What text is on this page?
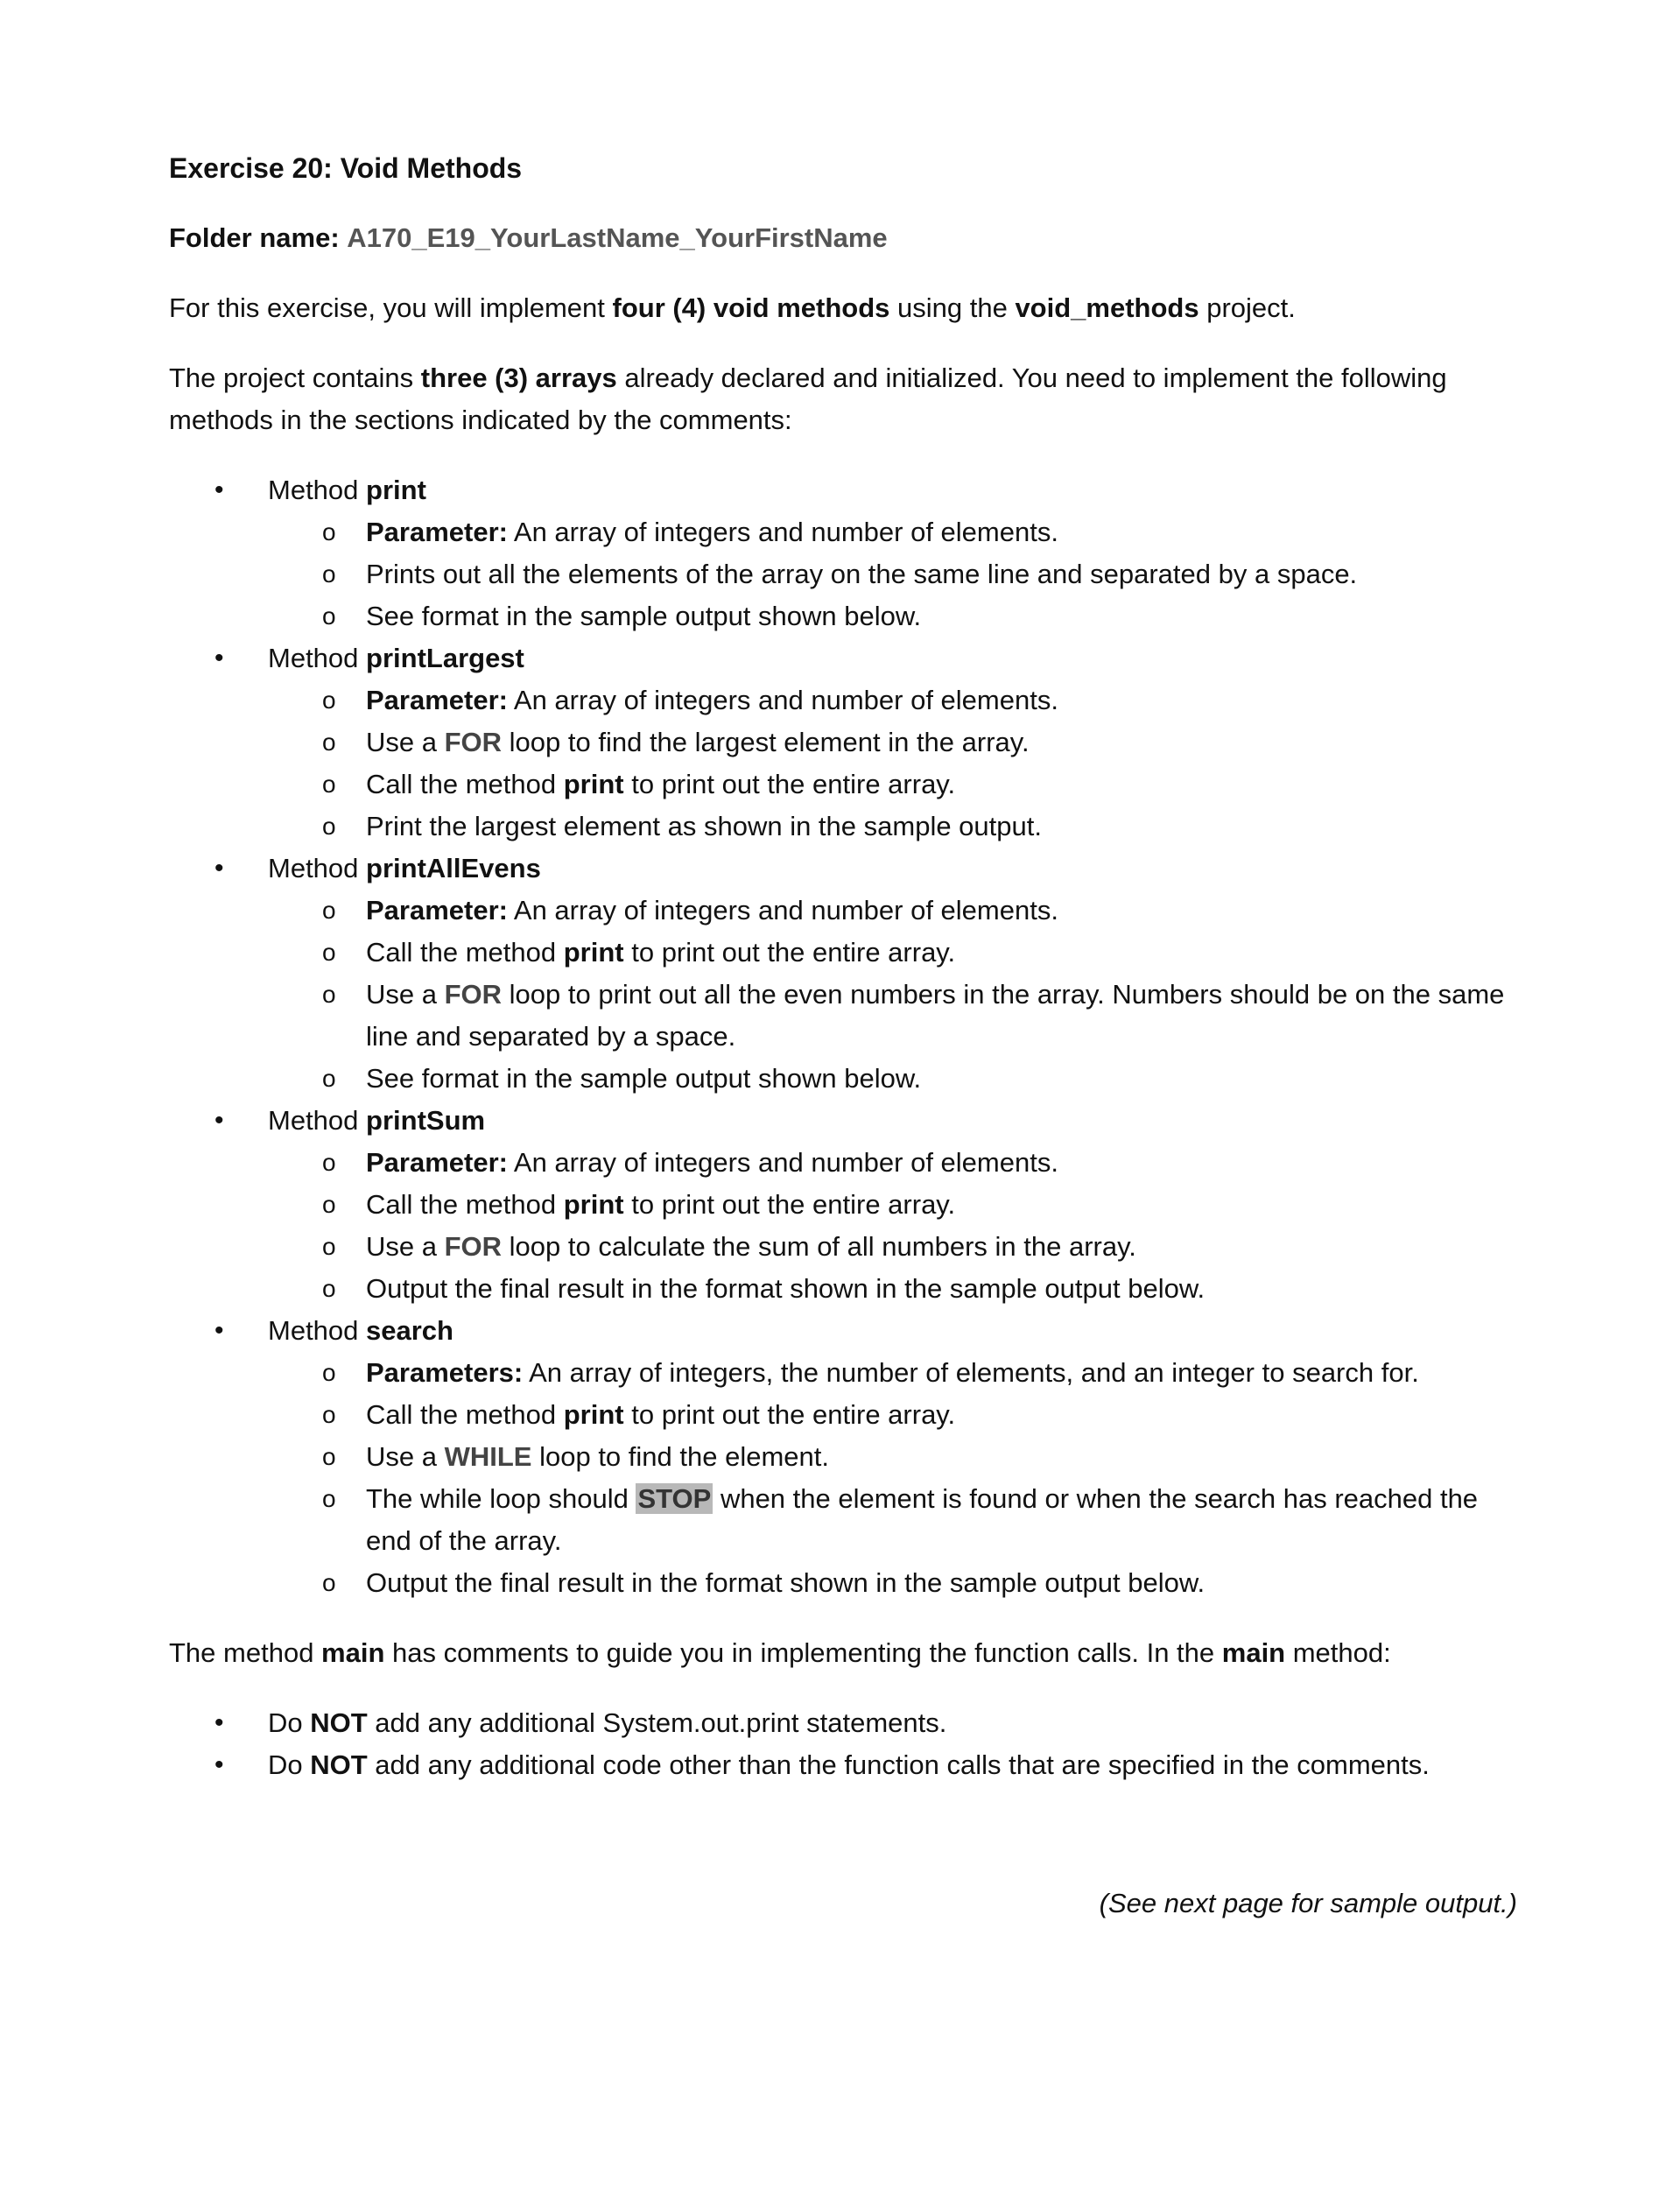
Exercise 20: Void Methods

Folder name: A170_E19_YourLastName_YourFirstName

For this exercise, you will implement four (4) void methods using the void_methods project.

The project contains three (3) arrays already declared and initialized. You need to implement the following
methods in the sections indicated by the comments:

• Method print
o Parameter: An array of integers and number of elements.
o Prints out all the elements of the array on the same line and separated by a space.
o See format in the sample output shown below.
• Method printLargest
o Parameter: An array of integers and number of elements.
o Use a FOR loop to find the largest element in the array.
o Call the method print to print out the entire array.
o Print the largest element as shown in the sample output.
• Method printAllEvens
o Parameter: An array of integers and number of elements.
o Call the method print to print out the entire array.
o Use a FOR loop to print out all the even numbers in the array. Numbers should be on the same
line and separated by a space.
o See format in the sample output shown below.
• Method printSum
o Parameter: An array of integers and number of elements.
o Call the method print to print out the entire array.
o Use a FOR loop to calculate the sum of all numbers in the array.
o Output the final result in the format shown in the sample output below.
• Method search
o Parameters: An array of integers, the number of elements, and an integer to search for.
o Call the method print to print out the entire array.
o Use a WHILE loop to find the element.
o The while loop should STOP when the element is found or when the search has reached the
end of the array.
o Output the final result in the format shown in the sample output below.

The method main has comments to guide you in implementing the function calls. In the main method:

• Do NOT add any additional System.out.print statements.
• Do NOT add any additional code other than the function calls that are specified in the comments.
(See next page for sample output.)
